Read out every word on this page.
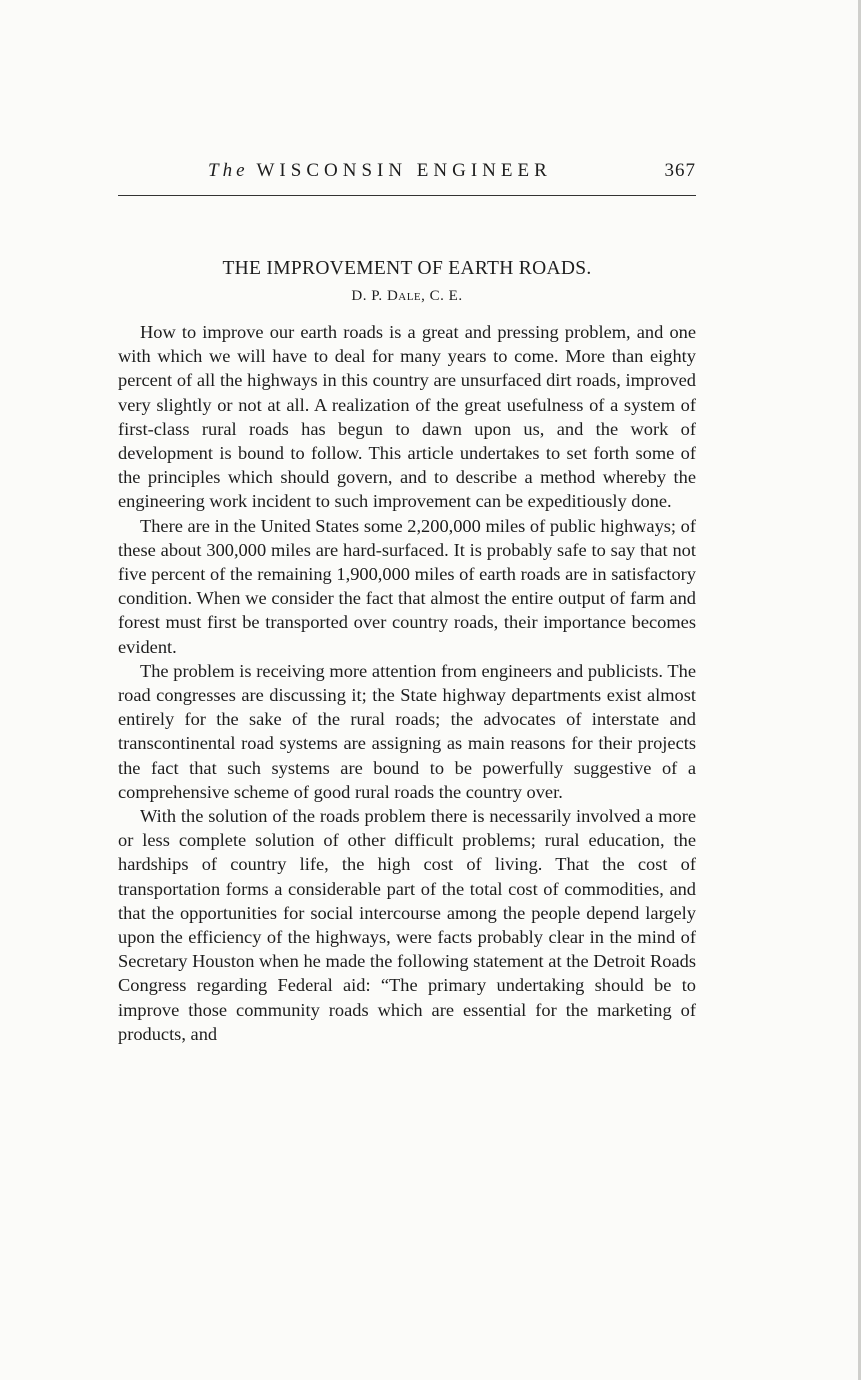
The WISCONSIN ENGINEER	367
THE IMPROVEMENT OF EARTH ROADS.
D. P. Dale, C. E.

How to improve our earth roads is a great and pressing problem, and one with which we will have to deal for many years to come. More than eighty percent of all the highways in this country are unsurfaced dirt roads, improved very slightly or not at all. A realization of the great usefulness of a system of first-class rural roads has begun to dawn upon us, and the work of development is bound to follow. This article undertakes to set forth some of the principles which should govern, and to describe a method whereby the engineering work incident to such improvement can be expeditiously done.

There are in the United States some 2,200,000 miles of public highways; of these about 300,000 miles are hard-surfaced. It is probably safe to say that not five percent of the remaining 1,900,000 miles of earth roads are in satisfactory condition. When we consider the fact that almost the entire output of farm and forest must first be transported over country roads, their importance becomes evident.

The problem is receiving more attention from engineers and publicists. The road congresses are discussing it; the State highway departments exist almost entirely for the sake of the rural roads; the advocates of interstate and transcontinental road systems are assigning as main reasons for their projects the fact that such systems are bound to be powerfully suggestive of a comprehensive scheme of good rural roads the country over.

With the solution of the roads problem there is necessarily involved a more or less complete solution of other difficult problems; rural education, the hardships of country life, the high cost of living. That the cost of transportation forms a considerable part of the total cost of commodities, and that the opportunities for social intercourse among the people depend largely upon the efficiency of the highways, were facts probably clear in the mind of Secretary Houston when he made the following statement at the Detroit Roads Congress regarding Federal aid: “The primary undertaking should be to improve those community roads which are essential for the marketing of products, and
